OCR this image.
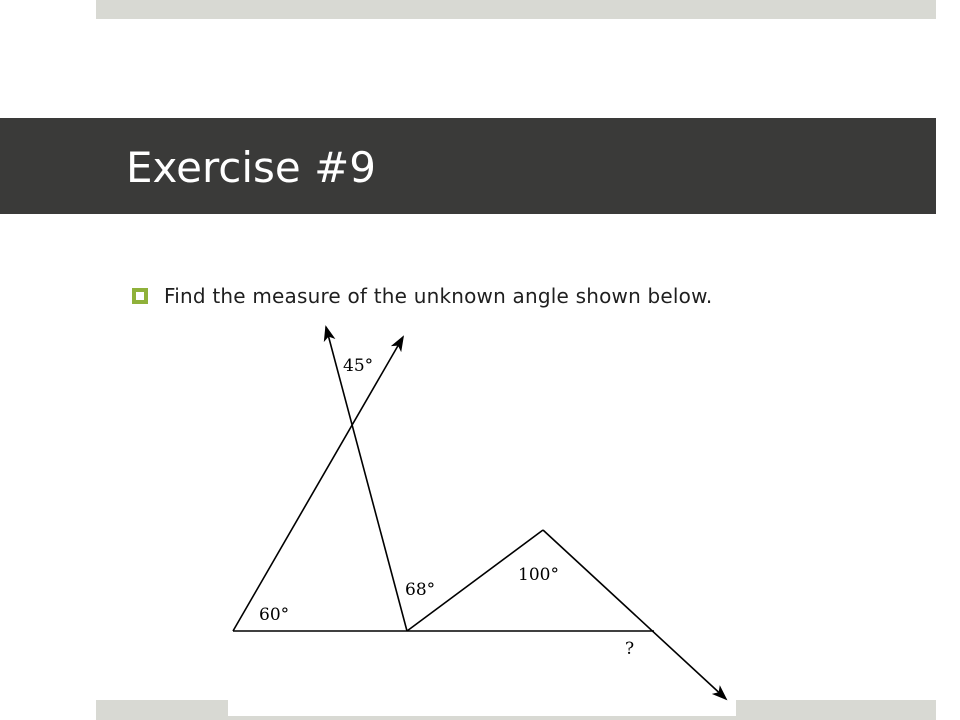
Exercise #9
Find the measure of the unknown angle shown below.
45°
60°
68°
100°
?
